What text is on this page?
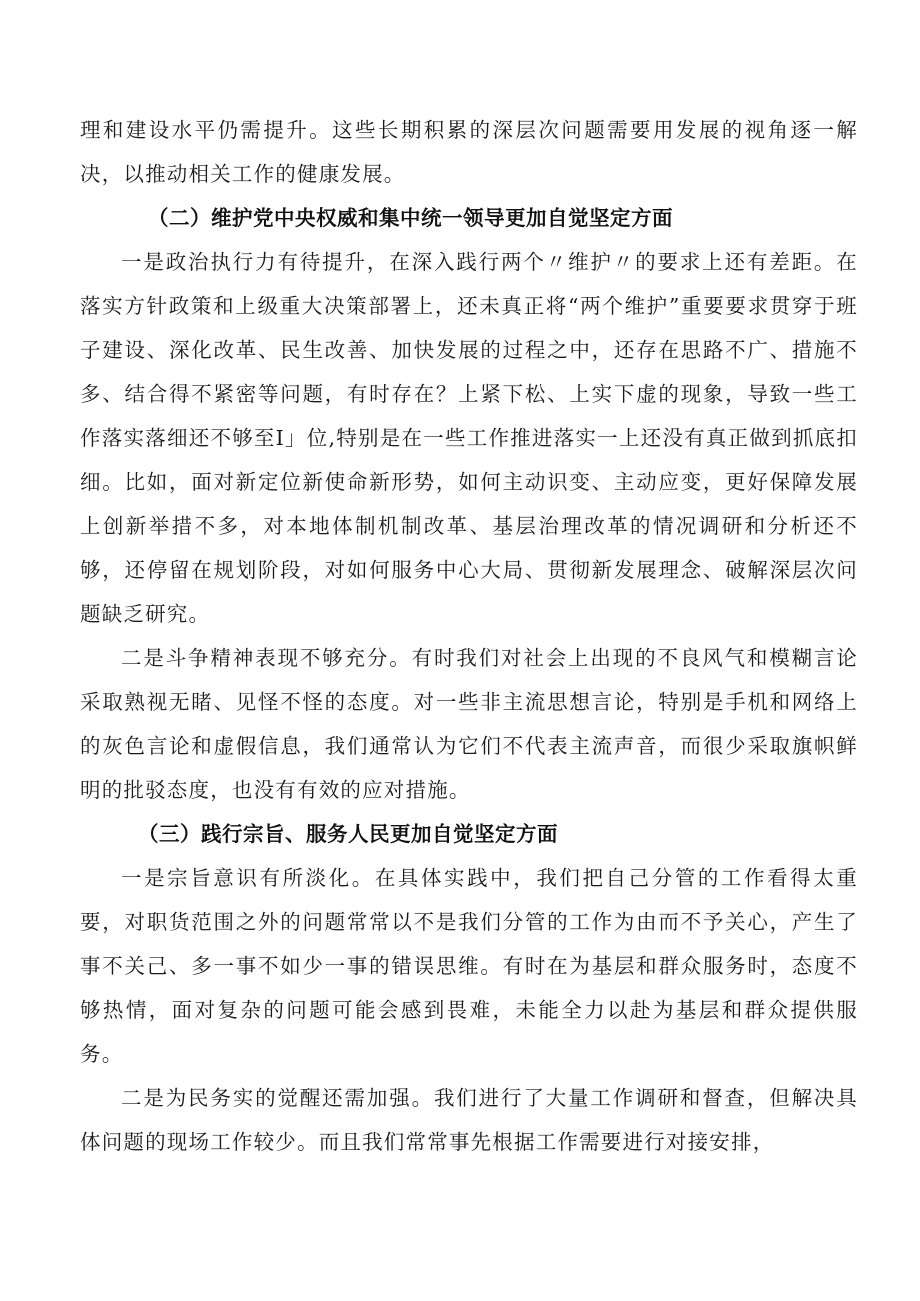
理和建设水平仍需提升。这些长期积累的深层次问题需要用发展的视角逐一解决，以推动相关工作的健康发展。

（二）维护党中央权威和集中统一领导更加自觉坚定方面

一是政治执行力有待提升，在深入践行两个〃维护〃的要求上还有差距。在落实方针政策和上级重大决策部署上，还未真正将“两个维护”重要要求贯穿于班子建设、深化改革、民生改善、加快发展的过程之中，还存在思路不广、措施不多、结合得不紧密等问题，有时存在？上紧下松、上实下虚的现象，导致一些工作落实落细还不够至I」位,特别是在一些工作推进落实一上还没有真正做到抓底扣细。比如，面对新定位新使命新形势，如何主动识变、主动应变，更好保障发展上创新举措不多，对本地体制机制改革、基层治理改革的情况调研和分析还不够，还停留在规划阶段，对如何服务中心大局、贯彻新发展理念、破解深层次问题缺乏研究。

二是斗争精神表现不够充分。有时我们对社会上出现的不良风气和模糊言论采取熟视无睹、见怪不怪的态度。对一些非主流思想言论，特别是手机和网络上的灰色言论和虚假信息，我们通常认为它们不代表主流声音，而很少采取旗帜鲜明的批驳态度，也没有有效的应对措施。

（三）践行宗旨、服务人民更加自觉坚定方面

一是宗旨意识有所淡化。在具体实践中，我们把自己分管的工作看得太重要，对职货范围之外的问题常常以不是我们分管的工作为由而不予关心，产生了事不关己、多一事不如少一事的错误思维。有时在为基层和群众服务时，态度不够热情，面对复杂的问题可能会感到畏难，未能全力以赴为基层和群众提供服务。

二是为民务实的觉醒还需加强。我们进行了大量工作调研和督查，但解决具体问题的现场工作较少。而且我们常常事先根据工作需要进行对接安排，
